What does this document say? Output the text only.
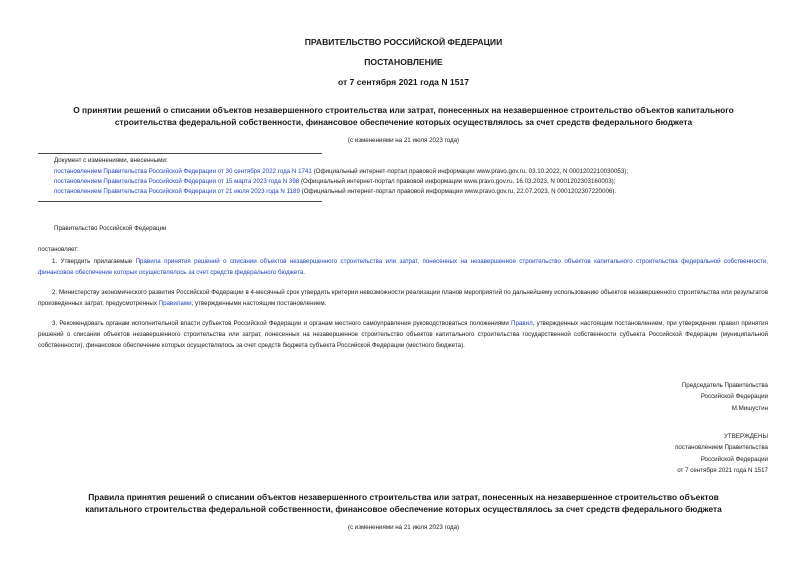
ПРАВИТЕЛЬСТВО РОССИЙСКОЙ ФЕДЕРАЦИИ
ПОСТАНОВЛЕНИЕ
от 7 сентября 2021 года N 1517
О принятии решений о списании объектов незавершенного строительства или затрат, понесенных на незавершенное строительство объектов капитального
строительства федеральной собственности, финансовое обеспечение которых осуществлялось за счет средств федерального бюджета
(с изменениями на 21 июля 2023 года)
Документ с изменениями, внесенными:
постановлением Правительства Российской Федерации от 30 сентября 2022 года N 1741 (Официальный интернет-портал правовой информации www.pravo.gov.ru, 03.10.2022, N 0001202210030053);
постановлением Правительства Российской Федерации от 15 марта 2023 года N 398 (Официальный интернет-портал правовой информации www.pravo.gov.ru, 16.03.2023, N 0001202303160003);
постановлением Правительства Российской Федерации от 21 июля 2023 года N 1189 (Официальный интернет-портал правовой информации www.pravo.gov.ru, 22.07.2023, N 0001202307220006).
Правительство Российской Федерации
постановляет:
1. Утвердить прилагаемые Правила принятия решений о списании объектов незавершенного строительства или затрат, понесенных на незавершенное строительство объектов капитального строительства федеральной собственности, финансовое обеспечение которых осуществлялось за счет средств федерального бюджета.
2. Министерству экономического развития Российской Федерации в 4-месячный срок утвердить критерии невозможности реализации планов мероприятий по дальнейшему использованию объектов незавершенного строительства или результатов произведенных затрат, предусмотренных Правилами, утвержденными настоящим постановлением.
3. Рекомендовать органам исполнительной власти субъектов Российской Федерации и органам местного самоуправления руководствоваться положениями Правил, утвержденных настоящим постановлением, при утверждении правил принятия решений о списании объектов незавершенного строительства или затрат, понесенных на незавершенное строительство объектов капитального строительства государственной собственности субъекта Российской Федерации (муниципальной собственности), финансовое обеспечение которых осуществлялось за счет средств бюджета субъекта Российской Федерации (местного бюджета).
Председатель Правительства
Российской Федерации
М.Мишустин
УТВЕРЖДЕНЫ
постановлением Правительства
Российской Федерации
от 7 сентября 2021 года N 1517
Правила принятия решений о списании объектов незавершенного строительства или затрат, понесенных на незавершенное строительство объектов
капитального строительства федеральной собственности, финансовое обеспечение которых осуществлялось за счет средств федерального бюджета
(с изменениями на 21 июля 2023 года)
